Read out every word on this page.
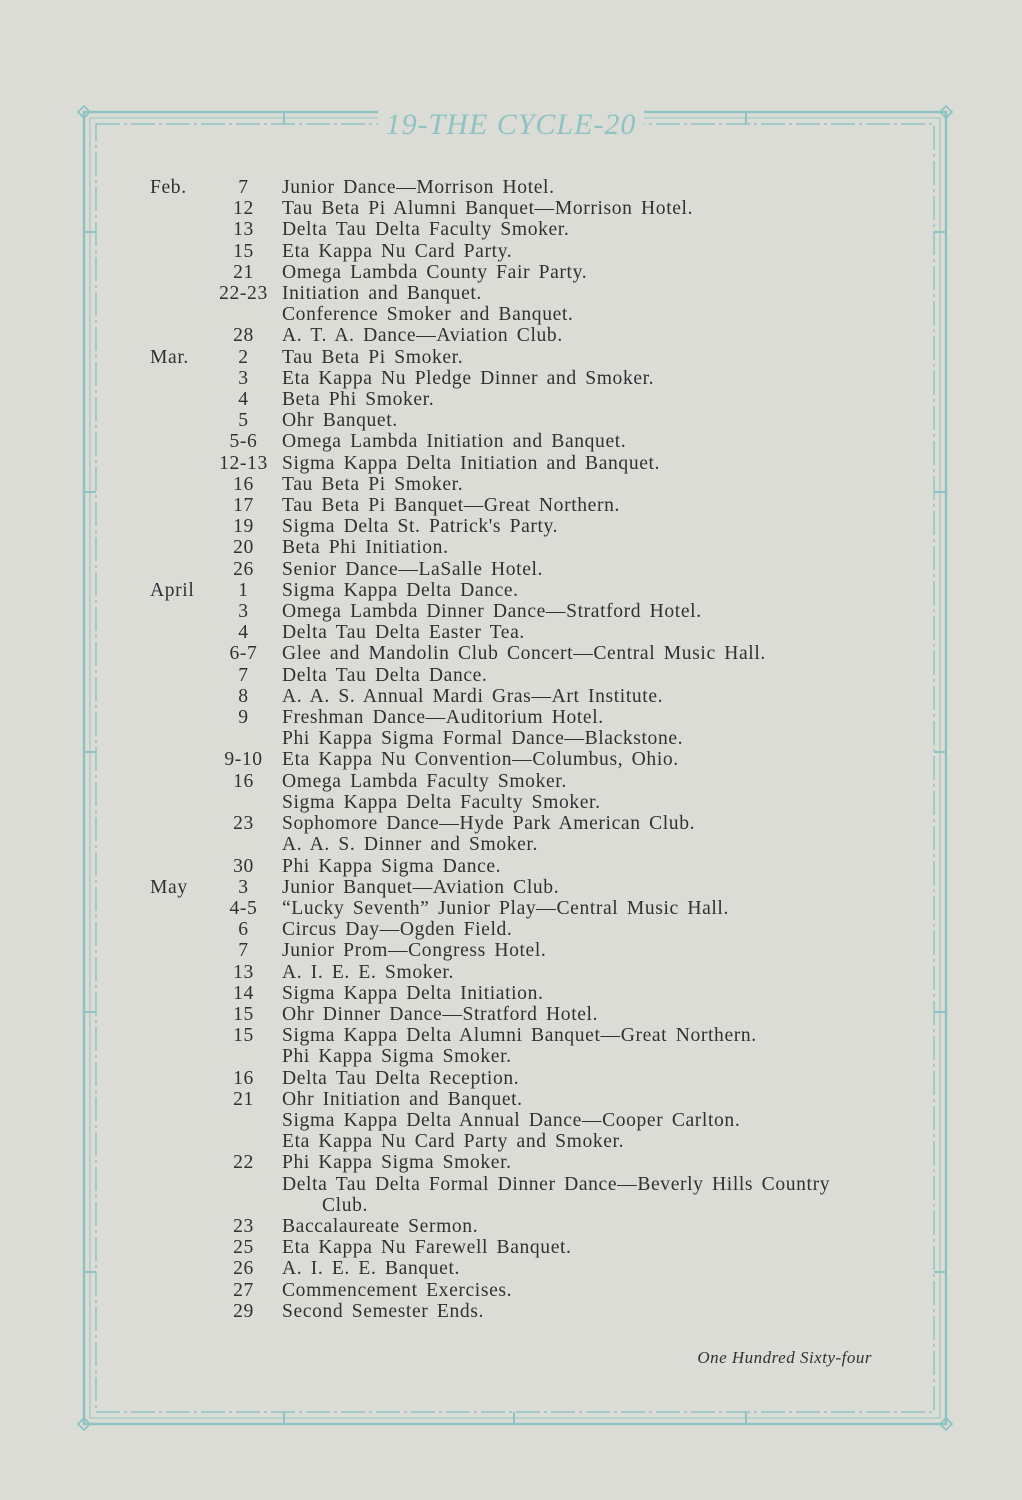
19-THE CYCLE-20
Feb.	7	Junior Dance—Morrison Hotel.
12	Tau Beta Pi Alumni Banquet—Morrison Hotel.
13	Delta Tau Delta Faculty Smoker.
15	Eta Kappa Nu Card Party.
21	Omega Lambda County Fair Party.
22-23 Initiation and Banquet.
Conference Smoker and Banquet.
28	A. T. A. Dance—Aviation Club.
Mar.	2	Tau Beta Pi Smoker.
3	Eta Kappa Nu Pledge Dinner and Smoker.
4	Beta Phi Smoker.
5	Ohr Banquet.
5-6	Omega Lambda Initiation and Banquet.
12-13 Sigma Kappa Delta Initiation and Banquet.
16	Tau Beta Pi Smoker.
17	Tau Beta Pi Banquet—Great Northern.
19	Sigma Delta St. Patrick's Party.
20	Beta Phi Initiation.
26	Senior Dance—LaSalle Hotel.
April 1	Sigma Kappa Delta Dance.
3	Omega Lambda Dinner Dance—Stratford Hotel.
4	Delta Tau Delta Easter Tea.
6-7	Glee and Mandolin Club Concert—Central Music Hall.
7	Delta Tau Delta Dance.
8	A. A. S. Annual Mardi Gras—Art Institute.
9	Freshman Dance—Auditorium Hotel.
Phi Kappa Sigma Formal Dance—Blackstone.
9-10 Eta Kappa Nu Convention—Columbus, Ohio.
16	Omega Lambda Faculty Smoker.
Sigma Kappa Delta Faculty Smoker.
23	Sophomore Dance—Hyde Park American Club.
A. A. S. Dinner and Smoker.
30	Phi Kappa Sigma Dance.
May	3	Junior Banquet—Aviation Club.
4-5	“Lucky Seventh” Junior Play—Central Music Hall.
6	Circus Day—Ogden Field.
7	Junior Prom—Congress Hotel.
13	A. I. E. E. Smoker.
14	Sigma Kappa Delta Initiation.
15	Ohr Dinner Dance—Stratford Hotel.
15	Sigma Kappa Delta Alumni Banquet—Great Northern.
Phi Kappa Sigma Smoker.
16	Delta Tau Delta Reception.
21	Ohr Initiation and Banquet.
Sigma Kappa Delta Annual Dance—Cooper Carlton.
Eta Kappa Nu Card Party and Smoker.
22	Phi Kappa Sigma Smoker.
Delta Tau Delta Formal Dinner Dance—Beverly Hills Country
Club.
23	Baccalaureate Sermon.
25	Eta Kappa Nu Farewell Banquet.
26	A. I. E. E. Banquet.
27	Commencement Exercises.
29	Second Semester Ends.
One Hundred Sixty-four
